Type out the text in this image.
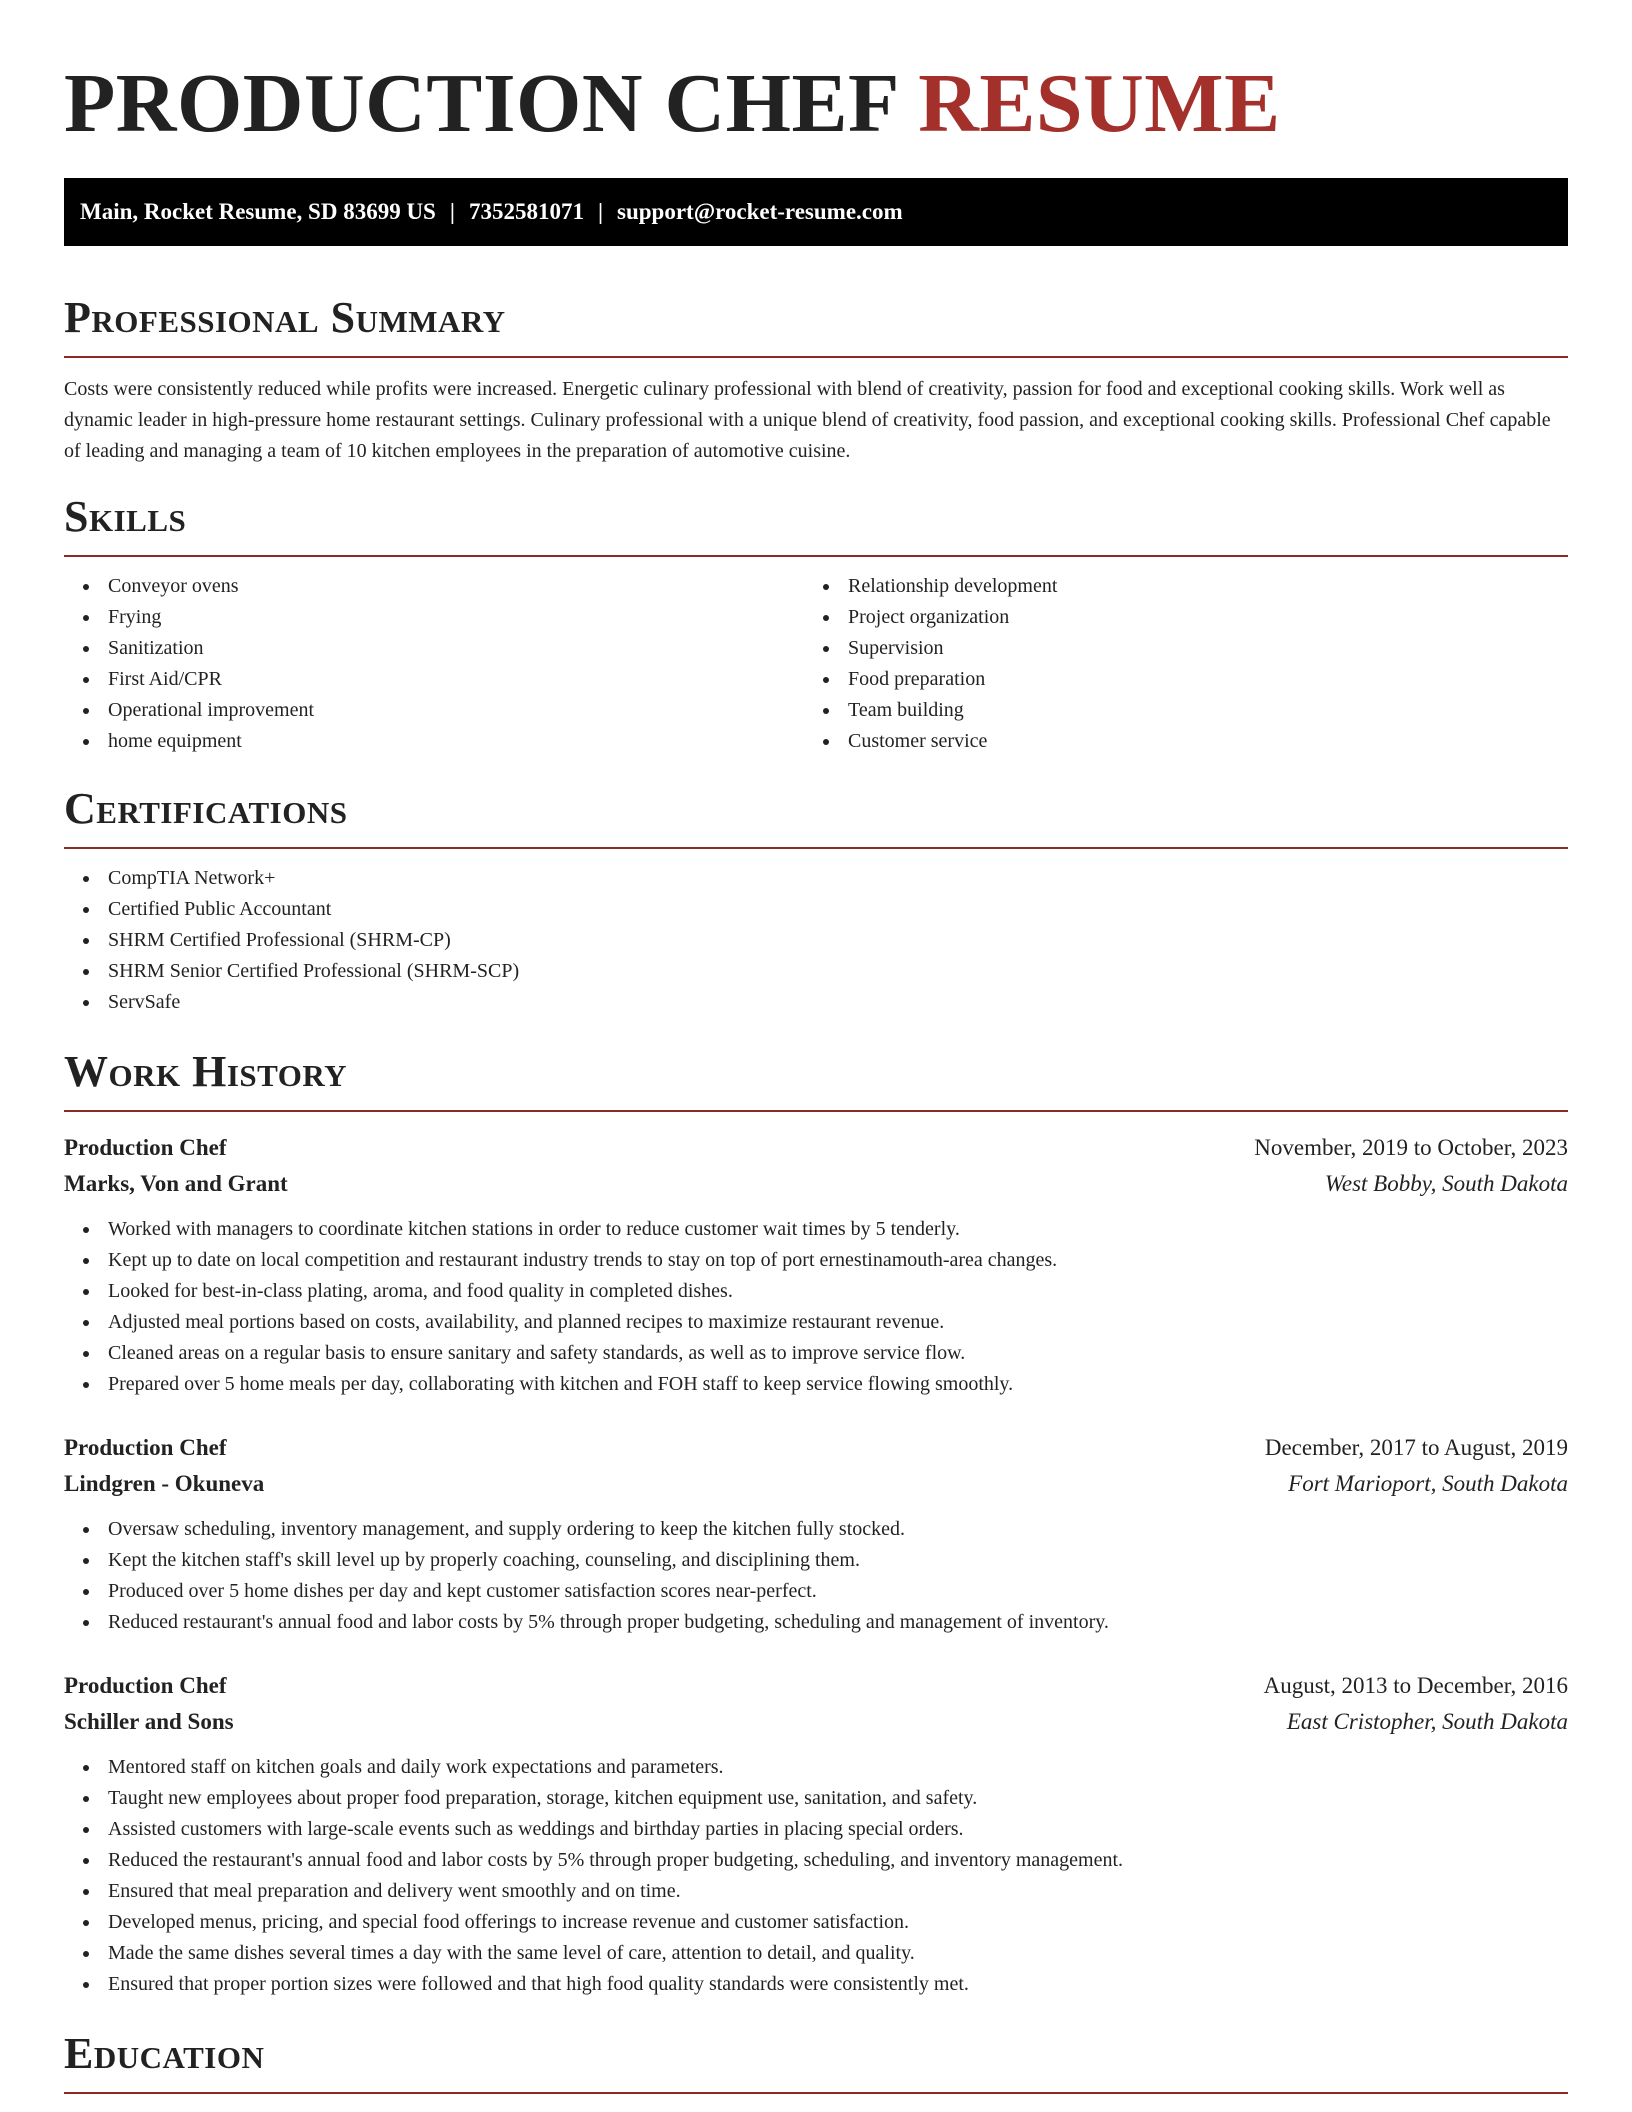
PRODUCTION CHEF RESUME
Main, Rocket Resume, SD 83699 US | 7352581071 | support@rocket-resume.com
Professional Summary

Costs were consistently reduced while profits were increased. Energetic culinary professional with blend of creativity, passion for food and exceptional cooking skills. Work well as dynamic leader in high-pressure home restaurant settings. Culinary professional with a unique blend of creativity, food passion, and exceptional cooking skills. Professional Chef capable of leading and managing a team of 10 kitchen employees in the preparation of automotive cuisine.

Skills
Conveyor ovens
Frying
Sanitization
First Aid/CPR
Operational improvement
home equipment
Relationship development
Project organization
Supervision
Food preparation
Team building
Customer service
Certifications
CompTIA Network+
Certified Public Accountant
SHRM Certified Professional (SHRM-CP)
SHRM Senior Certified Professional (SHRM-SCP)
ServSafe
Work History
Production Chef	November, 2019 to October, 2023
Marks, Von and Grant	West Bobby, South Dakota
Worked with managers to coordinate kitchen stations in order to reduce customer wait times by 5 tenderly.
Kept up to date on local competition and restaurant industry trends to stay on top of port ernestinamouth-area changes.
Looked for best-in-class plating, aroma, and food quality in completed dishes.
Adjusted meal portions based on costs, availability, and planned recipes to maximize restaurant revenue.
Cleaned areas on a regular basis to ensure sanitary and safety standards, as well as to improve service flow.
Prepared over 5 home meals per day, collaborating with kitchen and FOH staff to keep service flowing smoothly.
Production Chef	December, 2017 to August, 2019
Lindgren - Okuneva	Fort Marioport, South Dakota
Oversaw scheduling, inventory management, and supply ordering to keep the kitchen fully stocked.
Kept the kitchen staff's skill level up by properly coaching, counseling, and disciplining them.
Produced over 5 home dishes per day and kept customer satisfaction scores near-perfect.
Reduced restaurant's annual food and labor costs by 5% through proper budgeting, scheduling and management of inventory.
Production Chef	August, 2013 to December, 2016
Schiller and Sons	East Cristopher, South Dakota
Mentored staff on kitchen goals and daily work expectations and parameters.
Taught new employees about proper food preparation, storage, kitchen equipment use, sanitation, and safety.
Assisted customers with large-scale events such as weddings and birthday parties in placing special orders.
Reduced the restaurant's annual food and labor costs by 5% through proper budgeting, scheduling, and inventory management.
Ensured that meal preparation and delivery went smoothly and on time.
Developed menus, pricing, and special food offerings to increase revenue and customer satisfaction.
Made the same dishes several times a day with the same level of care, attention to detail, and quality.
Ensured that proper portion sizes were followed and that high food quality standards were consistently met.
Education
